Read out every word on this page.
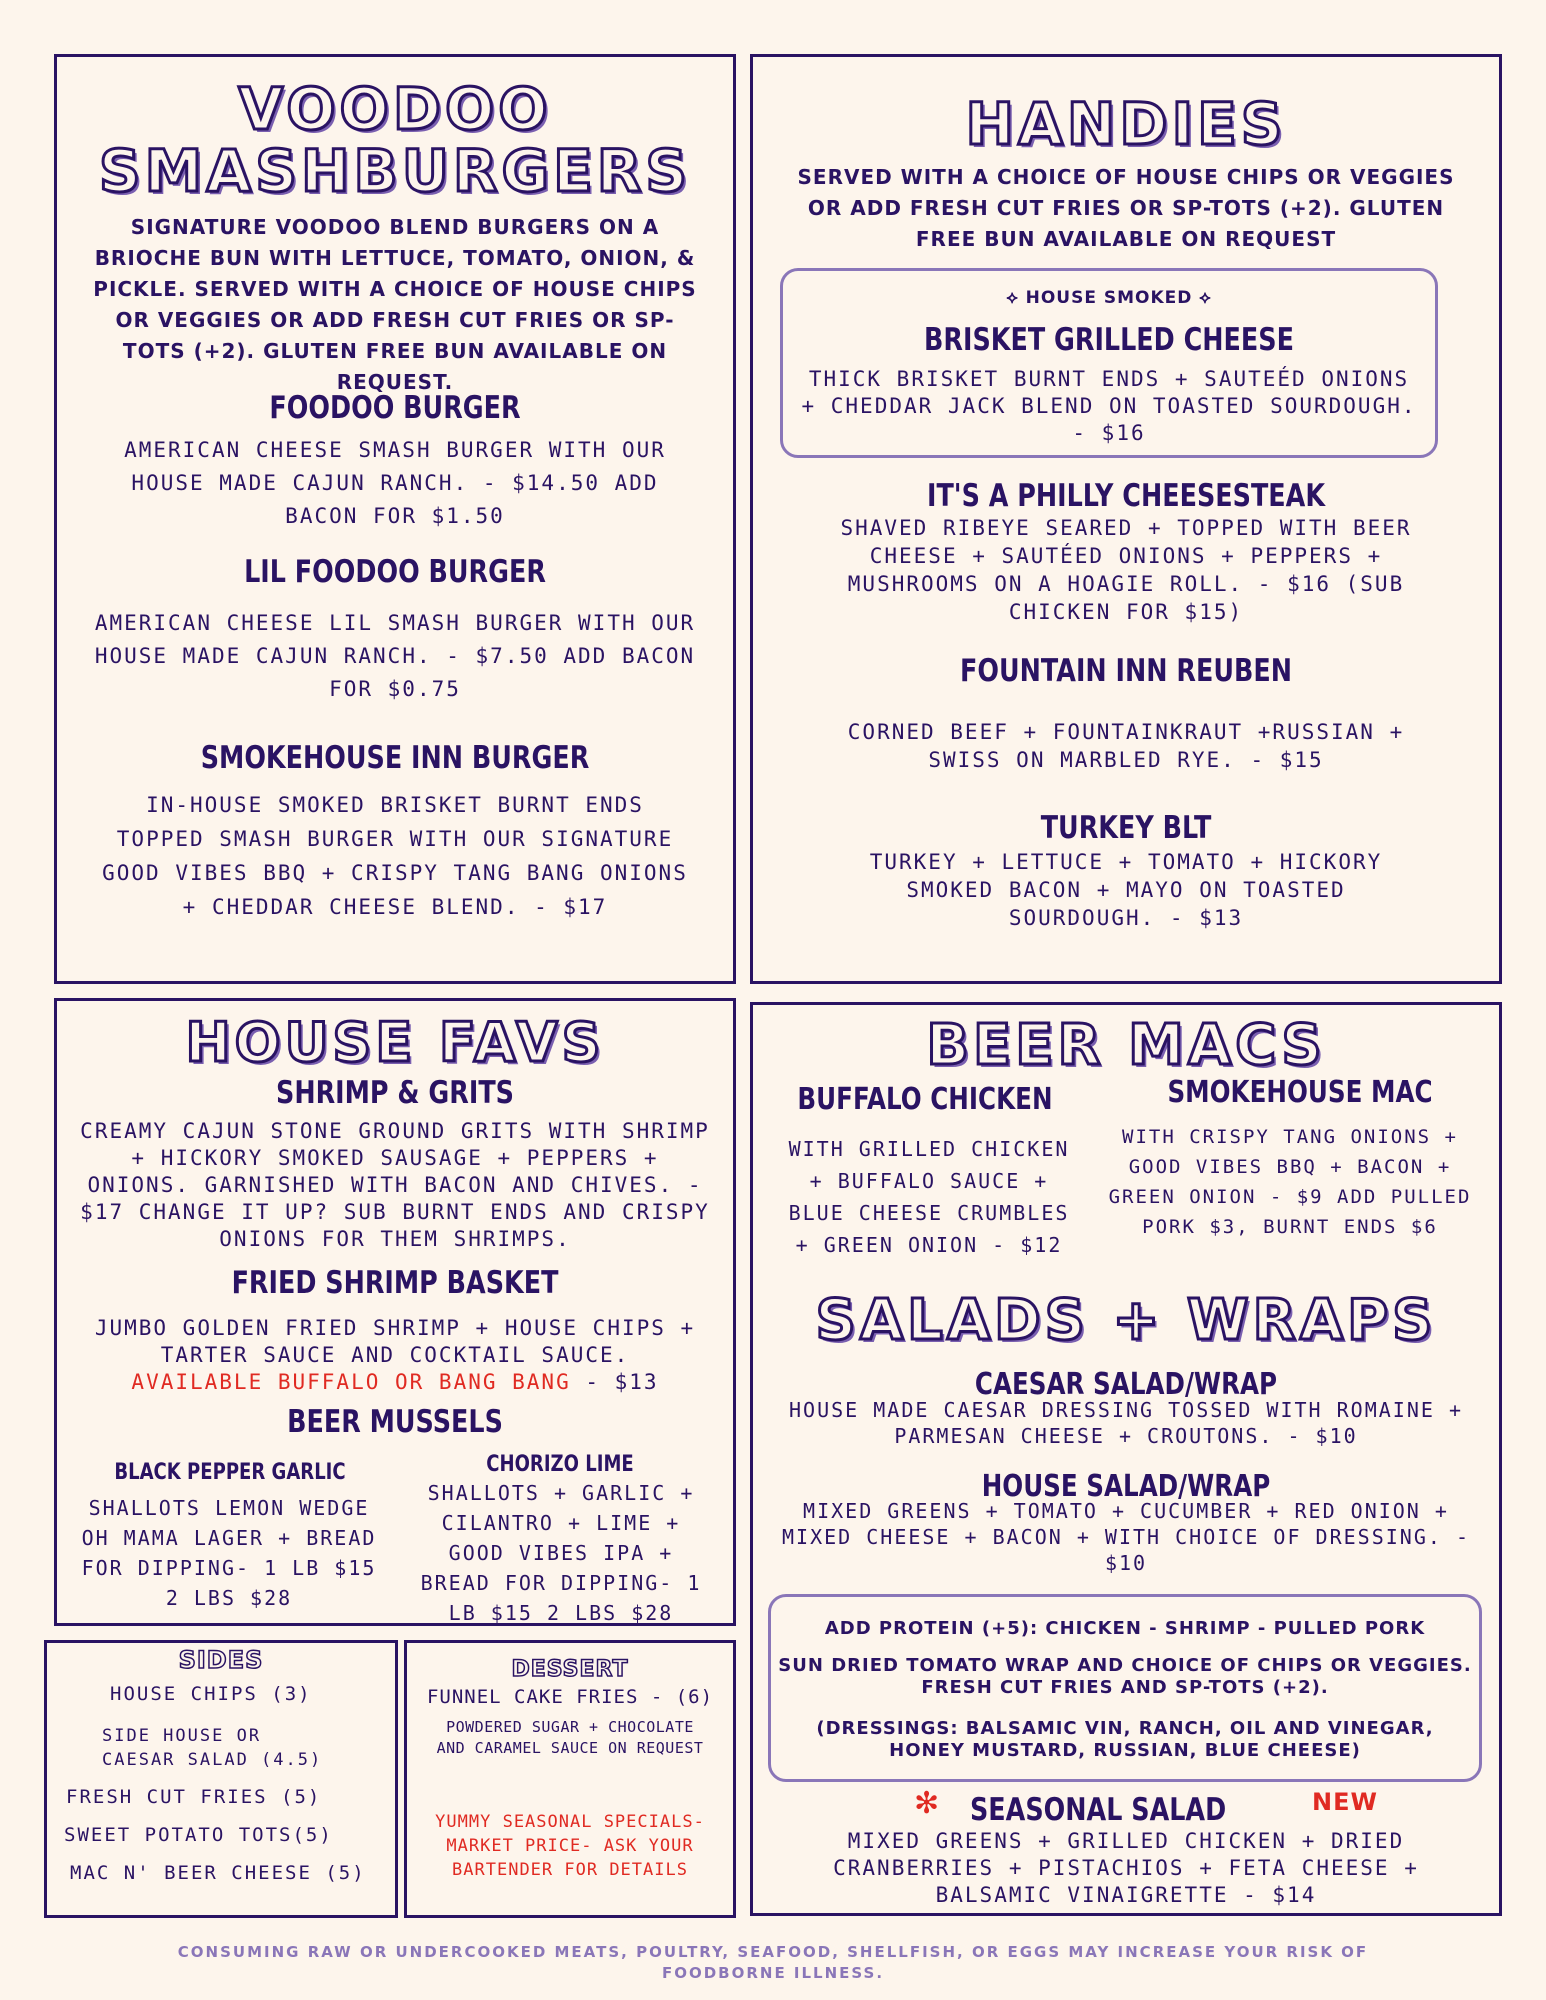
VOODOO
SMASHBURGERS
SIGNATURE VOODOO BLEND BURGERS ON A BRIOCHE BUN WITH LETTUCE, TOMATO, ONION, & PICKLE. SERVED WITH A CHOICE OF HOUSE CHIPS OR VEGGIES OR ADD FRESH CUT FRIES OR SP-TOTS (+2). GLUTEN FREE BUN AVAILABLE ON REQUEST.
FOODOO BURGER
AMERICAN CHEESE SMASH BURGER WITH OUR HOUSE MADE CAJUN RANCH. - $14.50 ADD BACON FOR $1.50
LIL FOODOO BURGER
AMERICAN CHEESE LIL SMASH BURGER WITH OUR HOUSE MADE CAJUN RANCH. - $7.50 ADD BACON FOR $0.75
SMOKEHOUSE INN BURGER
IN-HOUSE SMOKED BRISKET BURNT ENDS TOPPED SMASH BURGER WITH OUR SIGNATURE GOOD VIBES BBQ + CRISPY TANG BANG ONIONS + CHEDDAR CHEESE BLEND. - $17
HANDIES
SERVED WITH A CHOICE OF HOUSE CHIPS OR VEGGIES OR ADD FRESH CUT FRIES OR SP-TOTS (+2). GLUTEN FREE BUN AVAILABLE ON REQUEST
⟡ HOUSE SMOKED ⟡
BRISKET GRILLED CHEESE
THICK BRISKET BURNT ENDS + SAUTEÉD ONIONS + CHEDDAR JACK BLEND ON TOASTED SOURDOUGH. - $16
IT'S A PHILLY CHEESESTEAK
SHAVED RIBEYE SEARED + TOPPED WITH BEER CHEESE + SAUTÉED ONIONS + PEPPERS + MUSHROOMS ON A HOAGIE ROLL. - $16 (SUB CHICKEN FOR $15)
FOUNTAIN INN REUBEN
CORNED BEEF + FOUNTAINKRAUT +RUSSIAN + SWISS ON MARBLED RYE. - $15
TURKEY BLT
TURKEY + LETTUCE + TOMATO + HICKORY SMOKED BACON + MAYO ON TOASTED SOURDOUGH. - $13
HOUSE FAVS
SHRIMP & GRITS
CREAMY CAJUN STONE GROUND GRITS WITH SHRIMP + HICKORY SMOKED SAUSAGE + PEPPERS + ONIONS. GARNISHED WITH BACON AND CHIVES. - $17 CHANGE IT UP? SUB BURNT ENDS AND CRISPY ONIONS FOR THEM SHRIMPS.
FRIED SHRIMP BASKET
JUMBO GOLDEN FRIED SHRIMP + HOUSE CHIPS + TARTER SAUCE AND COCKTAIL SAUCE. AVAILABLE BUFFALO OR BANG BANG - $13
BEER MUSSELS
BLACK PEPPER GARLIC
SHALLOTS LEMON WEDGE OH MAMA LAGER + BREAD FOR DIPPING- 1 LB $15 2 LBS $28
CHORIZO LIME
SHALLOTS + GARLIC + CILANTRO + LIME + GOOD VIBES IPA + BREAD FOR DIPPING- 1 LB $15 2 LBS $28
SIDES
HOUSE CHIPS (3)
SIDE HOUSE OR
CAESAR SALAD (4.5)
FRESH CUT FRIES (5)
SWEET POTATO TOTS(5)
MAC N' BEER CHEESE (5)
DESSERT
FUNNEL CAKE FRIES - (6)
POWDERED SUGAR + CHOCOLATE AND CARAMEL SAUCE ON REQUEST
YUMMY SEASONAL SPECIALS- MARKET PRICE- ASK YOUR BARTENDER FOR DETAILS
BEER MACS
BUFFALO CHICKEN
WITH GRILLED CHICKEN + BUFFALO SAUCE + BLUE CHEESE CRUMBLES + GREEN ONION - $12
SMOKEHOUSE MAC
WITH CRISPY TANG ONIONS + GOOD VIBES BBQ + BACON + GREEN ONION - $9 ADD PULLED PORK $3, BURNT ENDS $6
SALADS + WRAPS
CAESAR SALAD/WRAP
HOUSE MADE CAESAR DRESSING TOSSED WITH ROMAINE + PARMESAN CHEESE + CROUTONS. - $10
HOUSE SALAD/WRAP
MIXED GREENS + TOMATO + CUCUMBER + RED ONION + MIXED CHEESE + BACON + WITH CHOICE OF DRESSING. - $10
ADD PROTEIN (+5): CHICKEN - SHRIMP - PULLED PORK
SUN DRIED TOMATO WRAP AND CHOICE OF CHIPS OR VEGGIES. FRESH CUT FRIES AND SP-TOTS (+2).
(DRESSINGS: BALSAMIC VIN, RANCH, OIL AND VINEGAR, HONEY MUSTARD, RUSSIAN, BLUE CHEESE)
✻ SEASONAL SALAD	NEW
MIXED GREENS + GRILLED CHICKEN + DRIED CRANBERRIES + PISTACHIOS + FETA CHEESE + BALSAMIC VINAIGRETTE - $14
CONSUMING RAW OR UNDERCOOKED MEATS, POULTRY, SEAFOOD, SHELLFISH, OR EGGS MAY INCREASE YOUR RISK OF FOODBORNE ILLNESS.
